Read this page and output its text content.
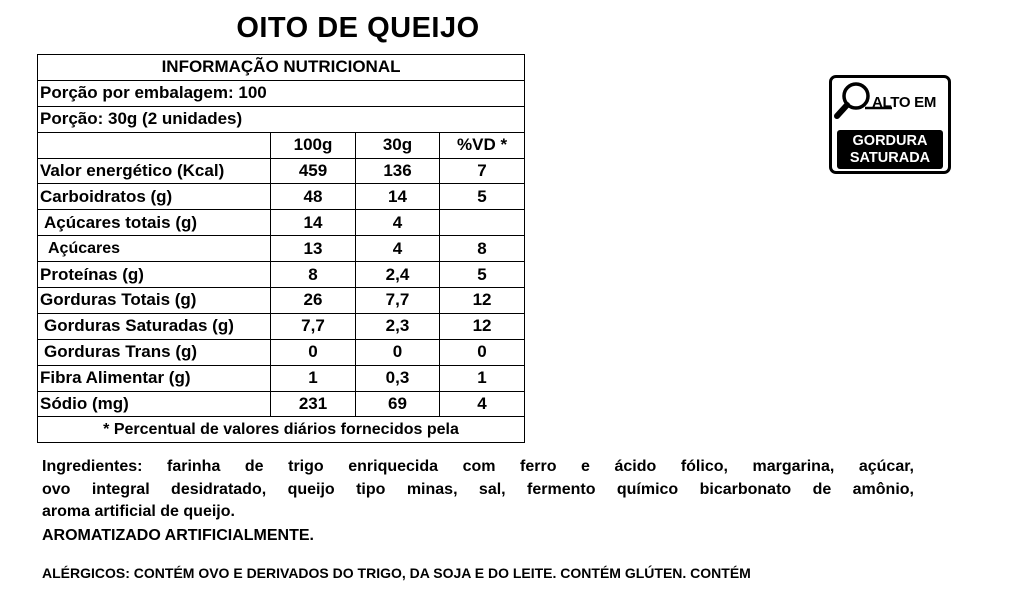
OITO DE QUEIJO
INFORMAÇÃO NUTRICIONAL			
Porção por embalagem: 100			
Porção: 30g (2 unidades)			
	100g	30g	%VD *
Valor energético (Kcal)	459	136	7
Carboidratos (g)	48	14	5
Açúcares totais (g)	14	4	
Açúcares	13	4	8
Proteínas (g)	8	2,4	5
Gorduras Totais (g)	26	7,7	12
Gorduras Saturadas (g)	7,7	2,3	12
Gorduras Trans (g)	0	0	0
Fibra Alimentar (g)	1	0,3	1
Sódio (mg)	231	69	4
* Percentual de valores diários fornecidos pela			
Ingredientes: farinha de trigo enriquecida com ferro e ácido fólico, margarina, açúcar,
ovo integral desidratado, queijo tipo minas, sal, fermento químico bicarbonato de amônio,
aroma artificial de queijo.
AROMATIZADO ARTIFICIALMENTE.
ALÉRGICOS: CONTÉM OVO E DERIVADOS DO TRIGO, DA SOJA E DO LEITE. CONTÉM GLÚTEN. CONTÉM
ALTO EM
GORDURA
SATURADA
